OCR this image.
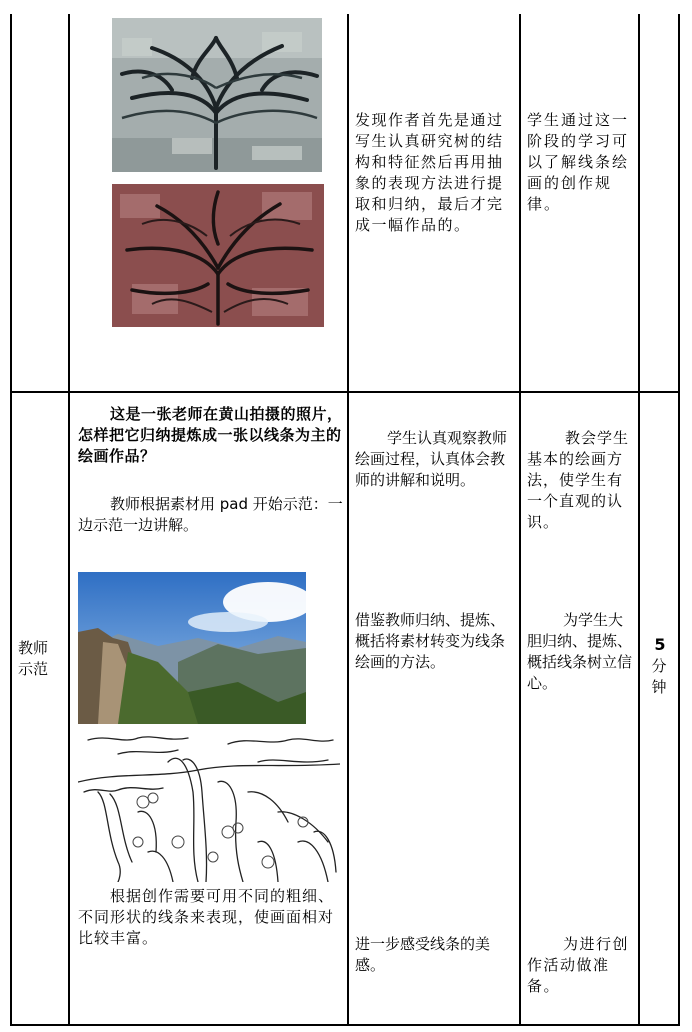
发现作者首先是通过写生认真研究树的结构和特征然后再用抽象的表现方法进行提取和归纳，最后才完成一幅作品的。
学生通过这一阶段的学习可以了解线条绘画的创作规律。
教师示范
这是一张老师在黄山拍摄的照片，怎样把它归纳提炼成一张以线条为主的绘画作品？
教师根据素材用 pad 开始示范：一边示范一边讲解。
根据创作需要可用不同的粗细、不同形状的线条来表现，使画面相对比较丰富。
学生认真观察教师绘画过程，认真体会教师的讲解和说明。
借鉴教师归纳、提炼、概括将素材转变为线条绘画的方法。
进一步感受线条的美感。
教会学生基本的绘画方法，使学生有一个直观的认识。
为学生大胆归纳、提炼、概括线条树立信心。
为进行创作活动做准备。
5
分钟
